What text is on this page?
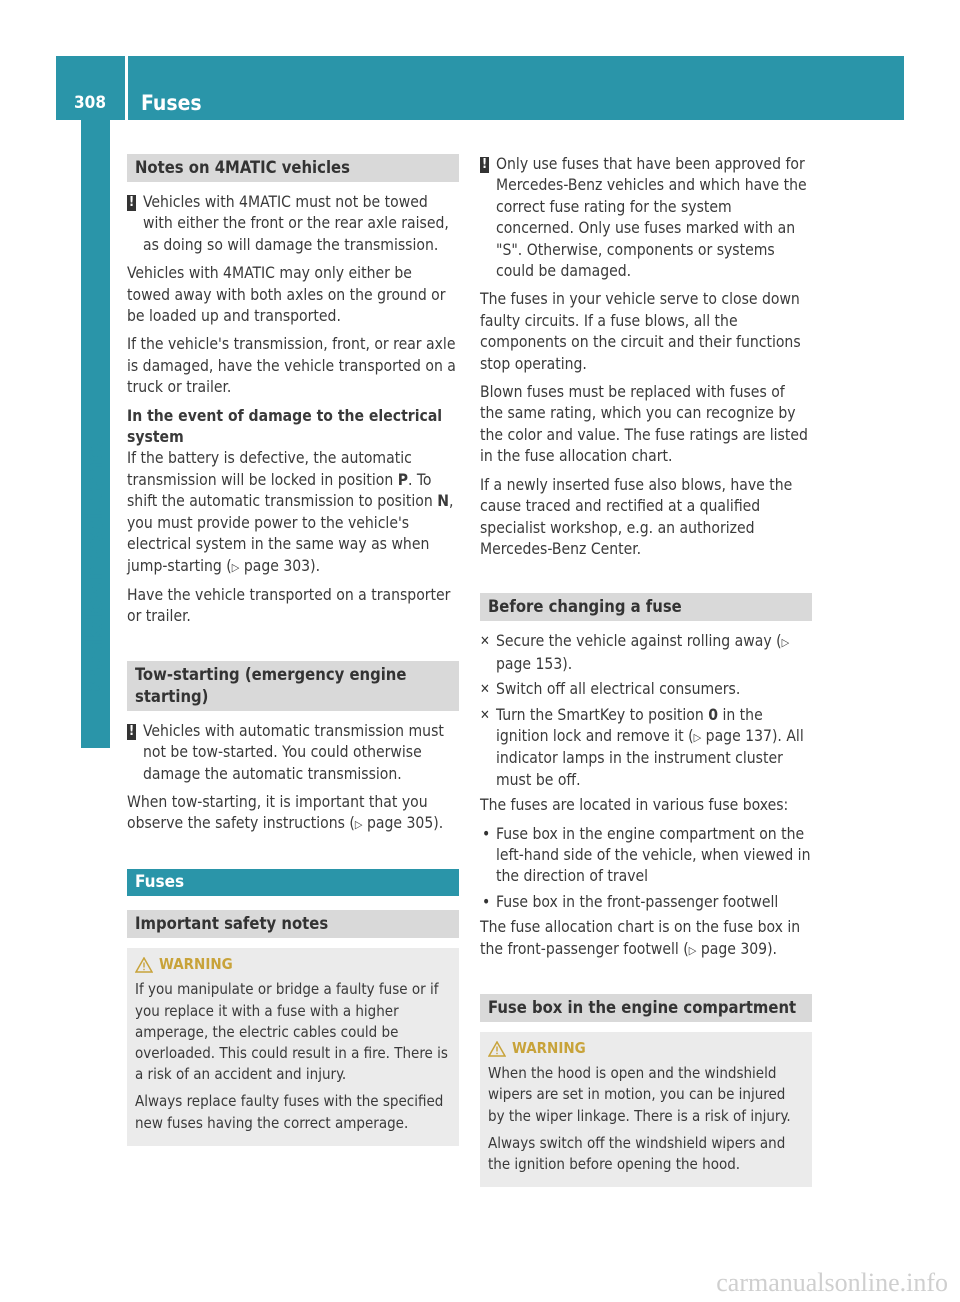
308	Fuses
Breakdown assistance
Notes on 4MATIC vehicles
! Vehicles with 4MATIC must not be towed with either the front or the rear axle raised, as doing so will damage the transmission.

Vehicles with 4MATIC may only either be towed away with both axles on the ground or be loaded up and transported.

If the vehicle's transmission, front, or rear axle is damaged, have the vehicle transported on a truck or trailer.

In the event of damage to the electrical system

If the battery is defective, the automatic transmission will be locked in position P. To shift the automatic transmission to position N, you must provide power to the vehicle's electrical system in the same way as when jump-starting (▷ page 303).

Have the vehicle transported on a transporter or trailer.

Tow-starting (emergency engine starting)
! Vehicles with automatic transmission must not be tow-started. You could otherwise damage the automatic transmission.

When tow-starting, it is important that you observe the safety instructions (▷ page 305).

Fuses
Important safety notes
WARNING

If you manipulate or bridge a faulty fuse or if you replace it with a fuse with a higher amperage, the electric cables could be overloaded. This could result in a fire. There is a risk of an accident and injury.

Always replace faulty fuses with the specified new fuses having the correct amperage.

! Only use fuses that have been approved for Mercedes-Benz vehicles and which have the correct fuse rating for the system concerned. Only use fuses marked with an "S". Otherwise, components or systems could be damaged.

The fuses in your vehicle serve to close down faulty circuits. If a fuse blows, all the components on the circuit and their functions stop operating.

Blown fuses must be replaced with fuses of the same rating, which you can recognize by the color and value. The fuse ratings are listed in the fuse allocation chart.

If a newly inserted fuse also blows, have the cause traced and rectified at a qualified specialist workshop, e.g. an authorized Mercedes-Benz Center.

Before changing a fuse
✕ Secure the vehicle against rolling away (▷ page 153).
✕ Switch off all electrical consumers.
✕ Turn the SmartKey to position 0 in the ignition lock and remove it (▷ page 137). All indicator lamps in the instrument cluster must be off.

The fuses are located in various fuse boxes:

• Fuse box in the engine compartment on the left-hand side of the vehicle, when viewed in the direction of travel
• Fuse box in the front-passenger footwell

The fuse allocation chart is on the fuse box in the front-passenger footwell (▷ page 309).

Fuse box in the engine compartment
WARNING

When the hood is open and the windshield wipers are set in motion, you can be injured by the wiper linkage. There is a risk of injury.

Always switch off the windshield wipers and the ignition before opening the hood.

carmanualsonline.info
